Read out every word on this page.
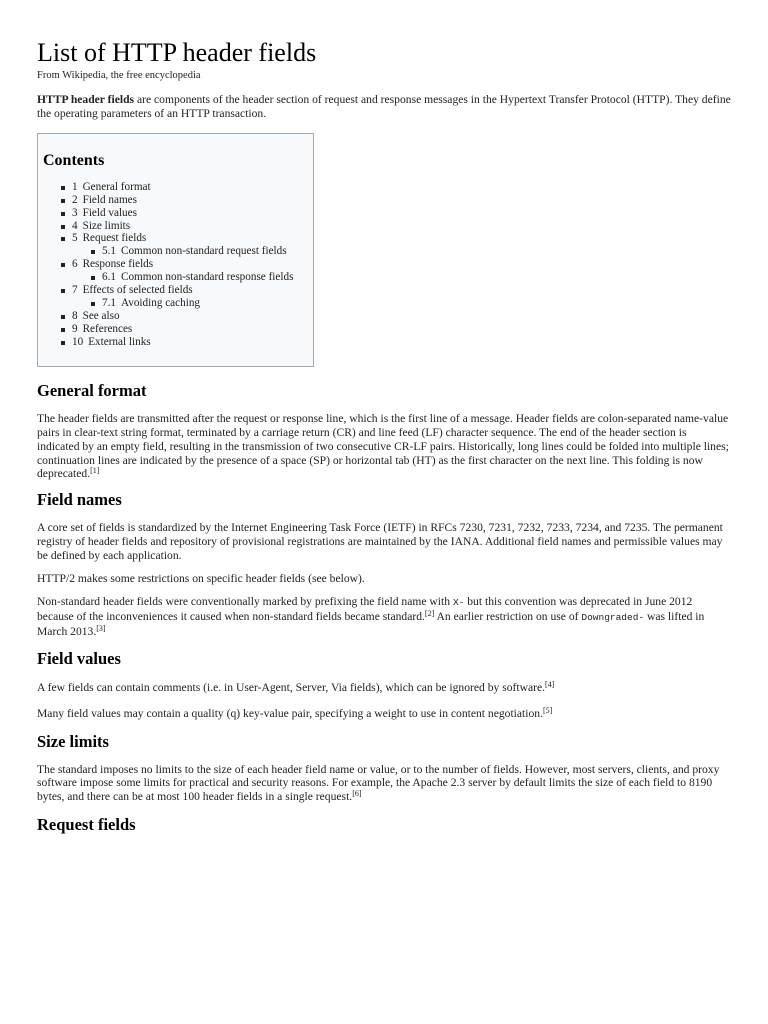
List of HTTP header fields
From Wikipedia, the free encyclopedia

HTTP header fields are components of the header section of request and response messages in the Hypertext Transfer Protocol (HTTP). They define the operating parameters of an HTTP transaction.

Contents
1 General format
2 Field names
3 Field values
4 Size limits
5 Request fields
5.1 Common non-standard request fields
6 Response fields
6.1 Common non-standard response fields
7 Effects of selected fields
7.1 Avoiding caching
8 See also
9 References
10 External links
General format

The header fields are transmitted after the request or response line, which is the first line of a message. Header fields are colon-separated name-value pairs in clear-text string format, terminated by a carriage return (CR) and line feed (LF) character sequence. The end of the header section is indicated by an empty field, resulting in the transmission of two consecutive CR-LF pairs. Historically, long lines could be folded into multiple lines; continuation lines are indicated by the presence of a space (SP) or horizontal tab (HT) as the first character on the next line. This folding is now deprecated.[1]

Field names

A core set of fields is standardized by the Internet Engineering Task Force (IETF) in RFCs 7230, 7231, 7232, 7233, 7234, and 7235. The permanent registry of header fields and repository of provisional registrations are maintained by the IANA. Additional field names and permissible values may be defined by each application.

HTTP/2 makes some restrictions on specific header fields (see below).

Non-standard header fields were conventionally marked by prefixing the field name with X- but this convention was deprecated in June 2012 because of the inconveniences it caused when non-standard fields became standard.[2] An earlier restriction on use of Downgraded- was lifted in March 2013.[3]

Field values

A few fields can contain comments (i.e. in User-Agent, Server, Via fields), which can be ignored by software.[4]

Many field values may contain a quality (q) key-value pair, specifying a weight to use in content negotiation.[5]

Size limits

The standard imposes no limits to the size of each header field name or value, or to the number of fields. However, most servers, clients, and proxy software impose some limits for practical and security reasons. For example, the Apache 2.3 server by default limits the size of each field to 8190 bytes, and there can be at most 100 header fields in a single request.[6]

Request fields
